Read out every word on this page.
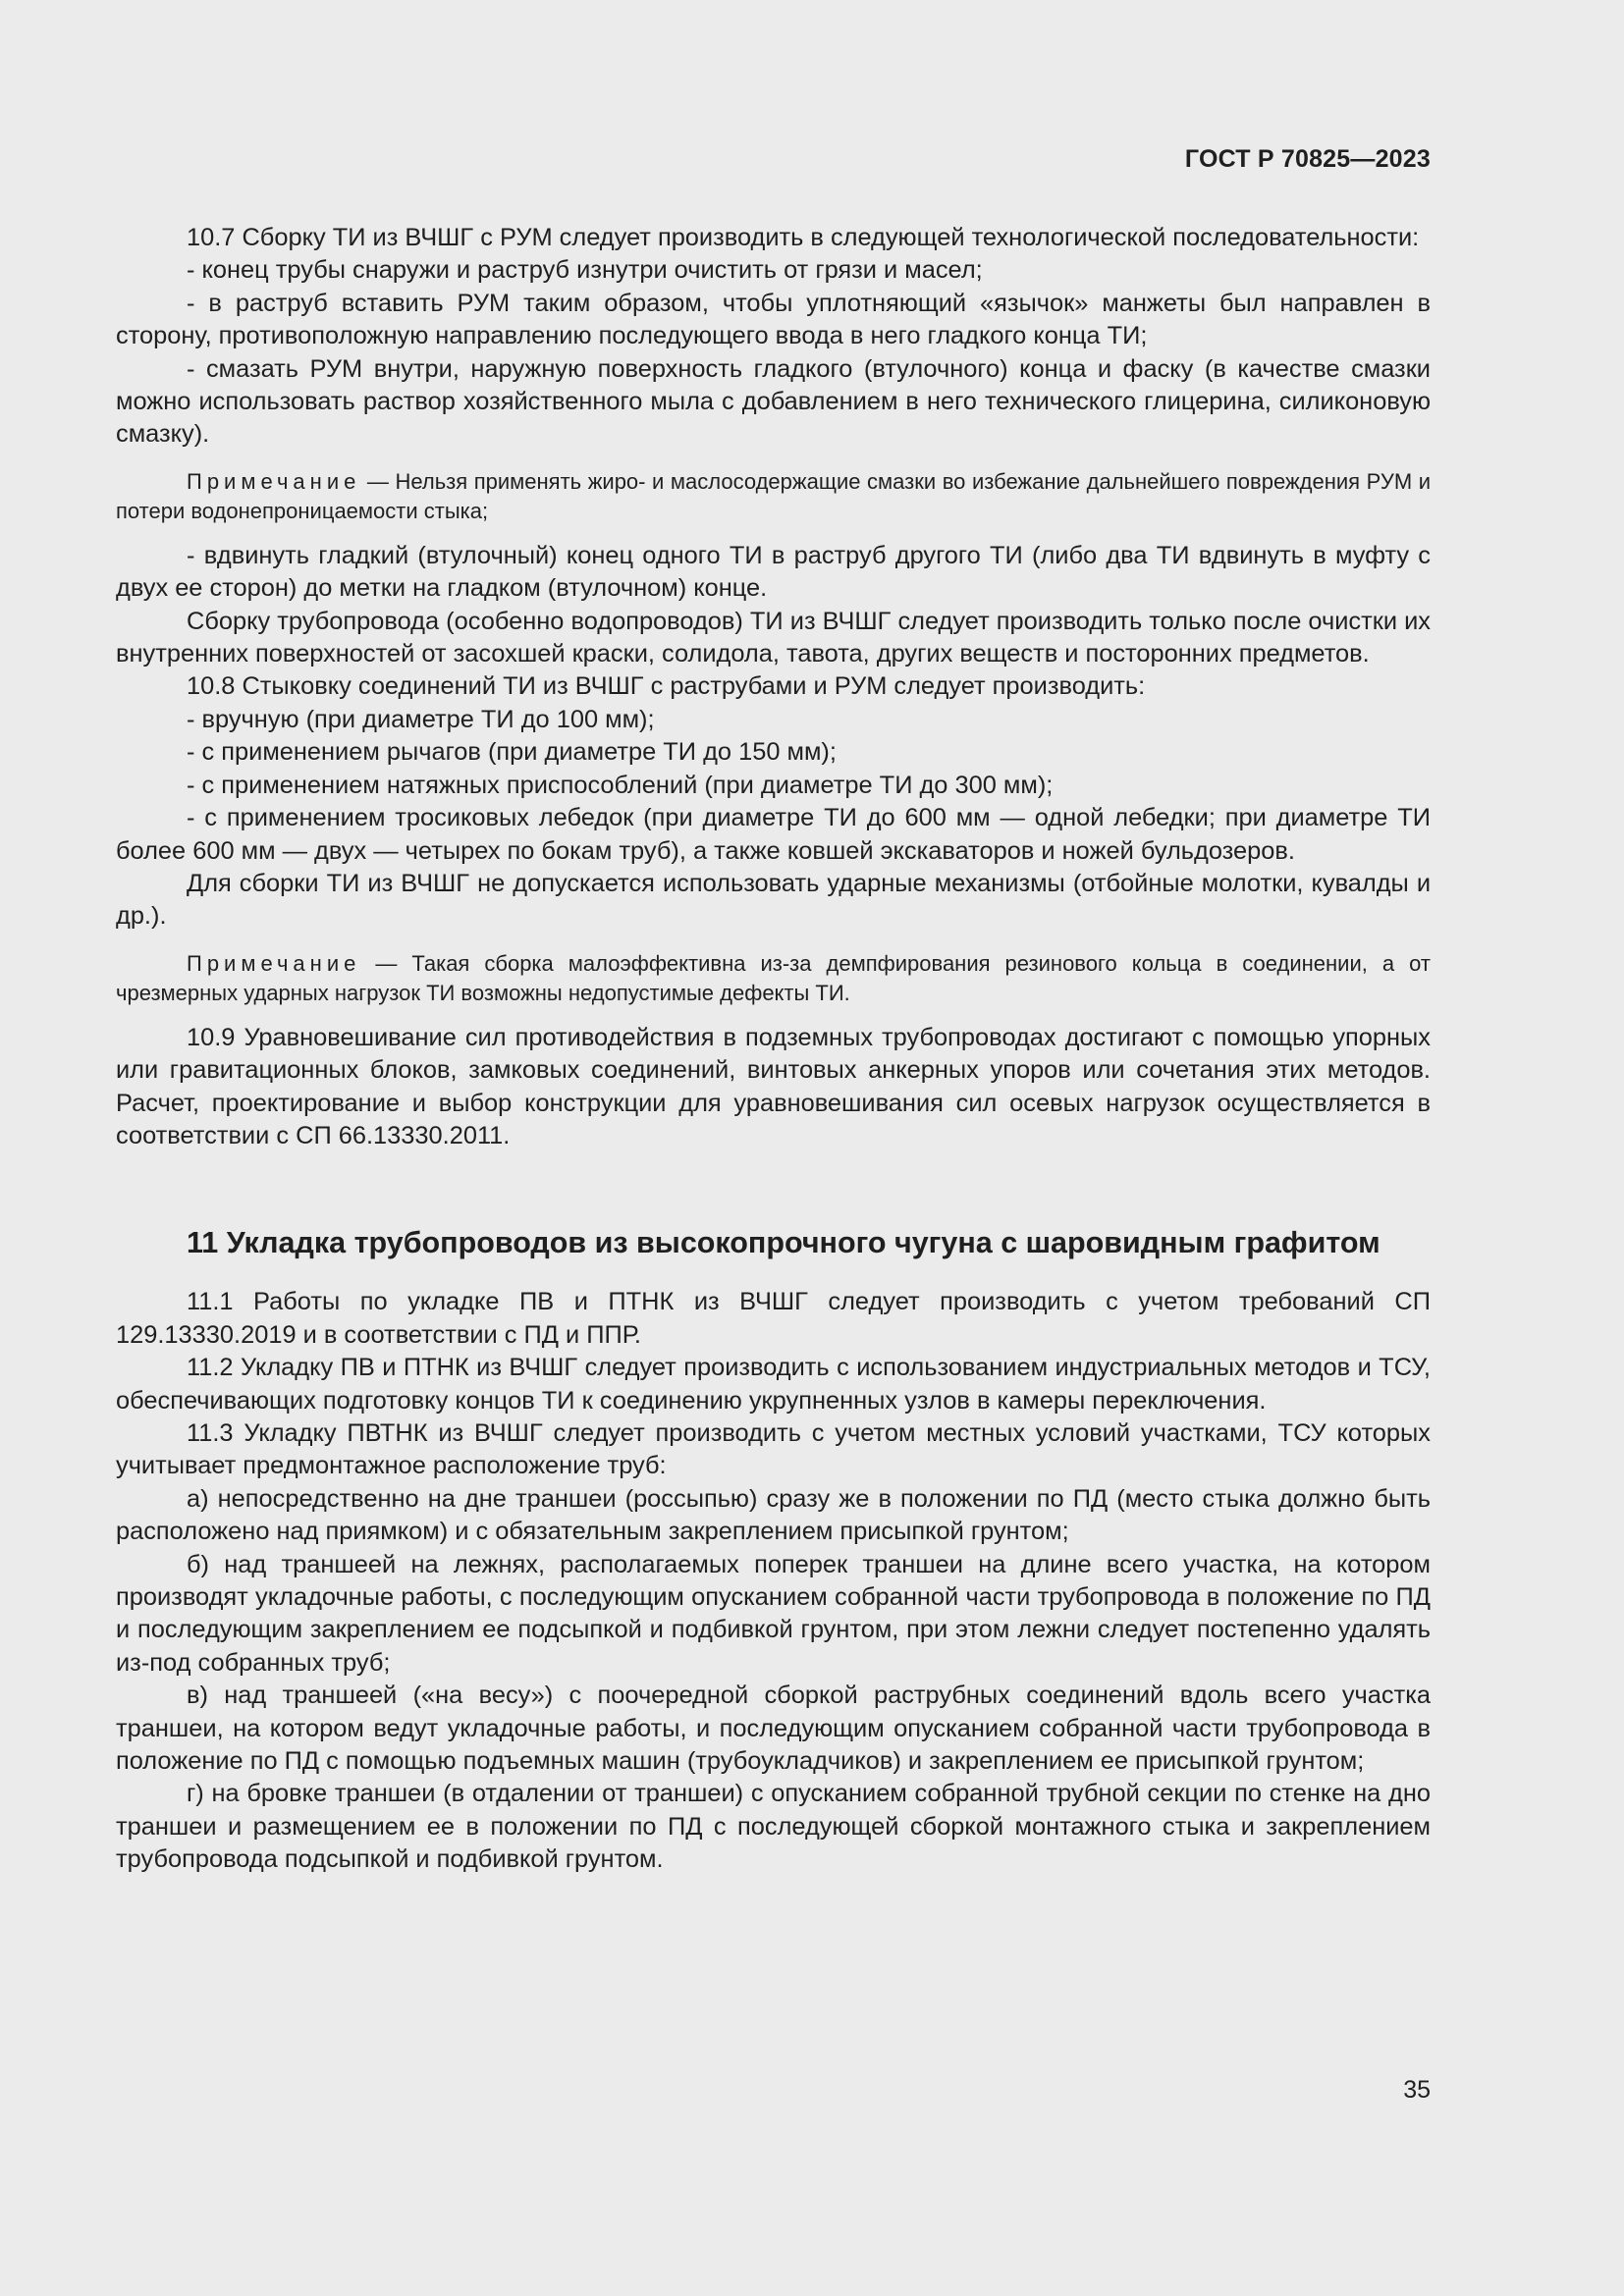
ГОСТ Р 70825—2023

10.7 Сборку ТИ из ВЧШГ с РУМ следует производить в следующей технологической последовательности:

- конец трубы снаружи и раструб изнутри очистить от грязи и масел;

- в раструб вставить РУМ таким образом, чтобы уплотняющий «язычок» манжеты был направлен в сторону, противоположную направлению последующего ввода в него гладкого конца ТИ;

- смазать РУМ внутри, наружную поверхность гладкого (втулочного) конца и фаску (в качестве смазки можно использовать раствор хозяйственного мыла с добавлением в него технического глицерина, силиконовую смазку).

Примечание — Нельзя применять жиро- и маслосодержащие смазки во избежание дальнейшего повреждения РУМ и потери водонепроницаемости стыка;

- вдвинуть гладкий (втулочный) конец одного ТИ в раструб другого ТИ (либо два ТИ вдвинуть в муфту с двух ее сторон) до метки на гладком (втулочном) конце.

Сборку трубопровода (особенно водопроводов) ТИ из ВЧШГ следует производить только после очистки их внутренних поверхностей от засохшей краски, солидола, тавота, других веществ и посторонних предметов.

10.8 Стыковку соединений ТИ из ВЧШГ с раструбами и РУМ следует производить:

- вручную (при диаметре ТИ до 100 мм);

- с применением рычагов (при диаметре ТИ до 150 мм);

- с применением натяжных приспособлений (при диаметре ТИ до 300 мм);

- с применением тросиковых лебедок (при диаметре ТИ до 600 мм — одной лебедки; при диаметре ТИ более 600 мм — двух — четырех по бокам труб), а также ковшей экскаваторов и ножей бульдозеров.

Для сборки ТИ из ВЧШГ не допускается использовать ударные механизмы (отбойные молотки, кувалды и др.).

Примечание — Такая сборка малоэффективна из-за демпфирования резинового кольца в соединении, а от чрезмерных ударных нагрузок ТИ возможны недопустимые дефекты ТИ.

10.9 Уравновешивание сил противодействия в подземных трубопроводах достигают с помощью упорных или гравитационных блоков, замковых соединений, винтовых анкерных упоров или сочетания этих методов. Расчет, проектирование и выбор конструкции для уравновешивания сил осевых нагрузок осуществляется в соответствии с СП 66.13330.2011.

11 Укладка трубопроводов из высокопрочного чугуна с шаровидным графитом

11.1 Работы по укладке ПВ и ПТНК из ВЧШГ следует производить с учетом требований СП 129.13330.2019 и в соответствии с ПД и ППР.

11.2 Укладку ПВ и ПТНК из ВЧШГ следует производить с использованием индустриальных методов и ТСУ, обеспечивающих подготовку концов ТИ к соединению укрупненных узлов в камеры переключения.

11.3 Укладку ПВТНК из ВЧШГ следует производить с учетом местных условий участками, ТСУ которых учитывает предмонтажное расположение труб:

а) непосредственно на дне траншеи (россыпью) сразу же в положении по ПД (место стыка должно быть расположено над приямком) и с обязательным закреплением присыпкой грунтом;

б) над траншеей на лежнях, располагаемых поперек траншеи на длине всего участка, на котором производят укладочные работы, с последующим опусканием собранной части трубопровода в положение по ПД и последующим закреплением ее подсыпкой и подбивкой грунтом, при этом лежни следует постепенно удалять из-под собранных труб;

в) над траншеей («на весу») с поочередной сборкой раструбных соединений вдоль всего участка траншеи, на котором ведут укладочные работы, и последующим опусканием собранной части трубопровода в положение по ПД с помощью подъемных машин (трубоукладчиков) и закреплением ее присыпкой грунтом;

г) на бровке траншеи (в отдалении от траншеи) с опусканием собранной трубной секции по стенке на дно траншеи и размещением ее в положении по ПД с последующей сборкой монтажного стыка и закреплением трубопровода подсыпкой и подбивкой грунтом.

35
